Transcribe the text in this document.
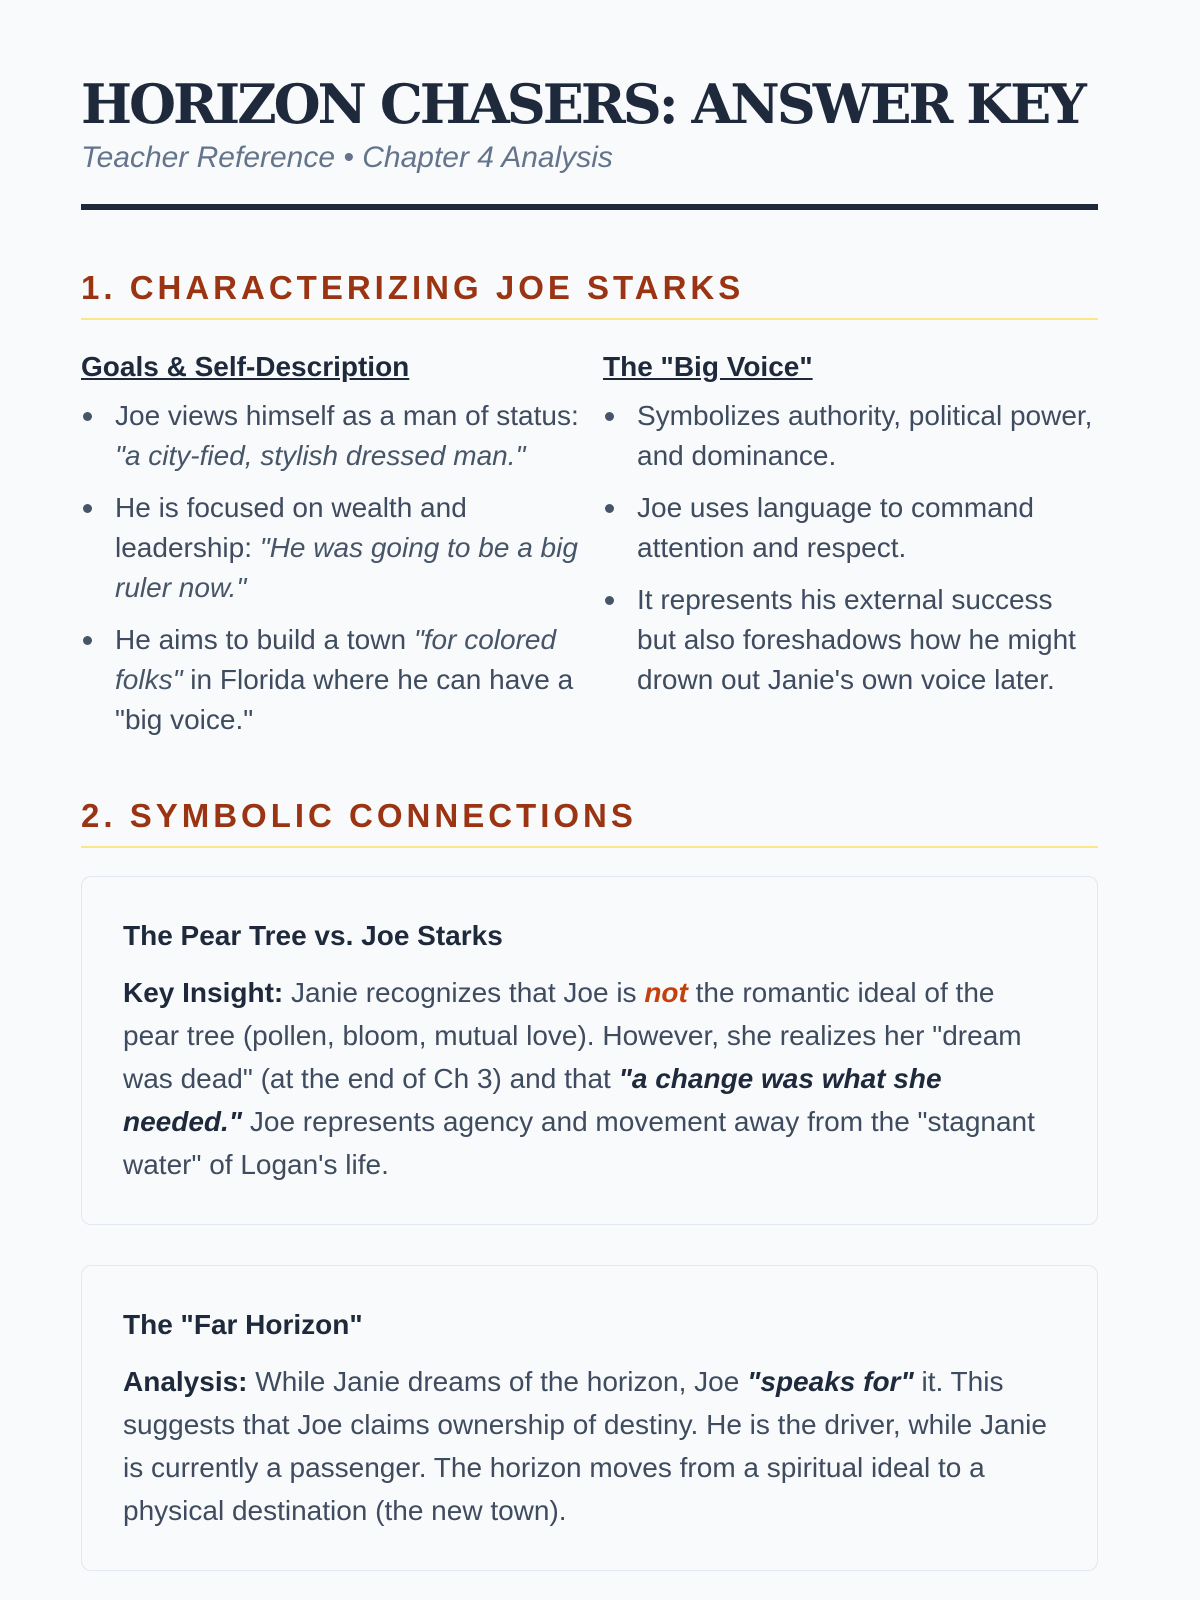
HORIZON CHASERS: ANSWER KEY
Teacher Reference • Chapter 4 Analysis
1. CHARACTERIZING JOE STARKS
Goals & Self-Description
Joe views himself as a man of status: "a city-fied, stylish dressed man."
He is focused on wealth and leadership: "He was going to be a big ruler now."
He aims to build a town "for colored folks" in Florida where he can have a "big voice."
The "Big Voice"
Symbolizes authority, political power, and dominance.
Joe uses language to command attention and respect.
It represents his external success but also foreshadows how he might drown out Janie's own voice later.
2. SYMBOLIC CONNECTIONS
The Pear Tree vs. Joe Starks

Key Insight: Janie recognizes that Joe is not the romantic ideal of the pear tree (pollen, bloom, mutual love). However, she realizes her "dream was dead" (at the end of Ch 3) and that "a change was what she needed." Joe represents agency and movement away from the "stagnant water" of Logan's life.

The "Far Horizon"

Analysis: While Janie dreams of the horizon, Joe "speaks for" it. This suggests that Joe claims ownership of destiny. He is the driver, while Janie is currently a passenger. The horizon moves from a spiritual ideal to a physical destination (the new town).
